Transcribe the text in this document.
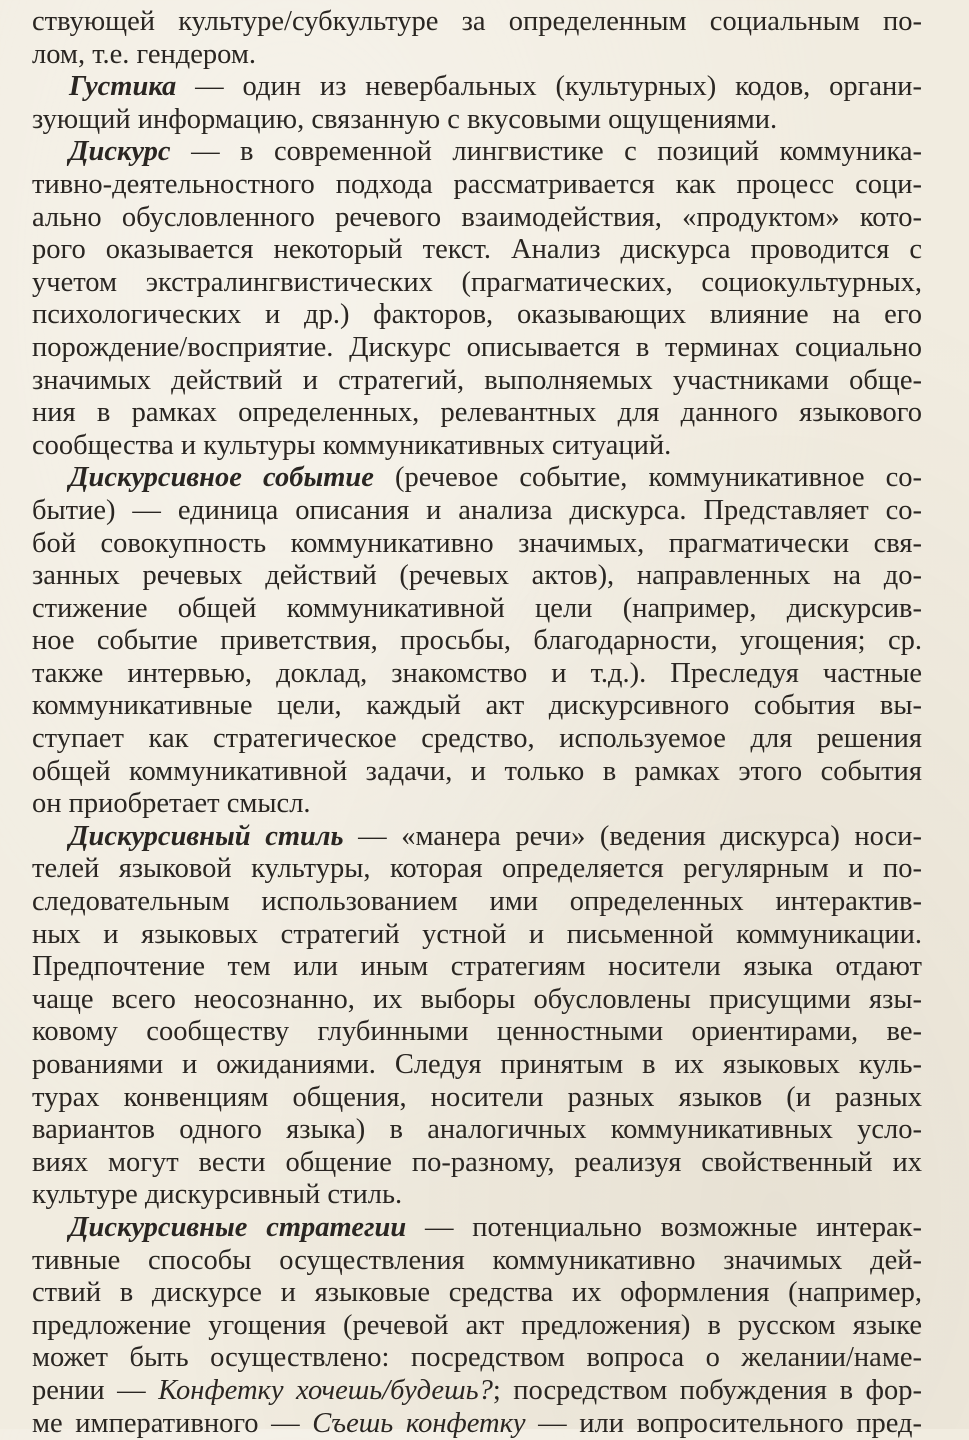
ствующей культуре/субкультуре за определенным социальным по-
лом, т.е. гендером.
Густика — один из невербальных (культурных) кодов, органи-
зующий информацию, связанную с вкусовыми ощущениями.
Дискурс — в современной лингвистике с позиций коммуника-
тивно-деятельностного подхода рассматривается как процесс соци-
ально обусловленного речевого взаимодействия, «продуктом» кото-
рого оказывается некоторый текст. Анализ дискурса проводится с
учетом экстралингвистических (прагматических, социокультурных,
психологических и др.) факторов, оказывающих влияние на его
порождение/восприятие. Дискурс описывается в терминах социально
значимых действий и стратегий, выполняемых участниками обще-
ния в рамках определенных, релевантных для данного языкового
сообщества и культуры коммуникативных ситуаций.
Дискурсивное событие (речевое событие, коммуникативное со-
бытие) — единица описания и анализа дискурса. Представляет со-
бой совокупность коммуникативно значимых, прагматически свя-
занных речевых действий (речевых актов), направленных на до-
стижение общей коммуникативной цели (например, дискурсив-
ное событие приветствия, просьбы, благодарности, угощения; ср.
также интервью, доклад, знакомство и т.д.). Преследуя частные
коммуникативные цели, каждый акт дискурсивного события вы-
ступает как стратегическое средство, используемое для решения
общей коммуникативной задачи, и только в рамках этого события
он приобретает смысл.
Дискурсивный стиль — «манера речи» (ведения дискурса) носи-
телей языковой культуры, которая определяется регулярным и по-
следовательным использованием ими определенных интерактив-
ных и языковых стратегий устной и письменной коммуникации.
Предпочтение тем или иным стратегиям носители языка отдают
чаще всего неосознанно, их выборы обусловлены присущими язы-
ковому сообществу глубинными ценностными ориентирами, ве-
рованиями и ожиданиями. Следуя принятым в их языковых куль-
турах конвенциям общения, носители разных языков (и разных
вариантов одного языка) в аналогичных коммуникативных усло-
виях могут вести общение по-разному, реализуя свойственный их
культуре дискурсивный стиль.
Дискурсивные стратегии — потенциально возможные интерак-
тивные способы осуществления коммуникативно значимых дей-
ствий в дискурсе и языковые средства их оформления (например,
предложение угощения (речевой акт предложения) в русском языке
может быть осуществлено: посредством вопроса о желании/наме-
рении — Конфетку хочешь/будешь?; посредством побуждения в фор-
ме императивного — Съешь конфетку — или вопросительного пред-
